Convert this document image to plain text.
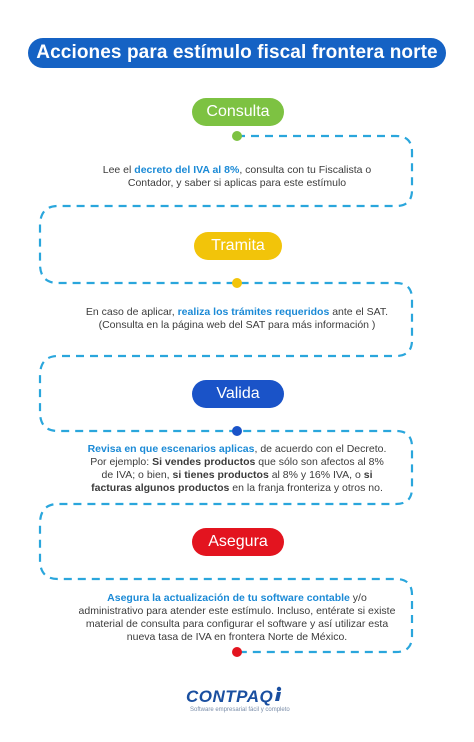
Acciones para estímulo fiscal frontera norte
Consulta
Lee el decreto del IVA al 8%, consulta con tu Fiscalista o Contador, y saber si aplicas para este estímulo
Tramita
En caso de aplicar, realiza los trámites requeridos ante el SAT. (Consulta en la página web del SAT para más información )
Valida
Revisa en que escenarios aplicas, de acuerdo con el Decreto. Por ejemplo: Si vendes productos que sólo son afectos al 8% de IVA; o bien, si tienes productos al 8% y 16% IVA, o si facturas algunos productos en la franja fronteriza y otros no.
Asegura
Asegura la actualización de tu software contable y/o administrativo para atender este estímulo. Incluso, entérate si existe material de consulta para configurar el software y así utilizar esta nueva tasa de IVA en frontera Norte de México.
CONTPAQ
Software empresarial fácil y completo
